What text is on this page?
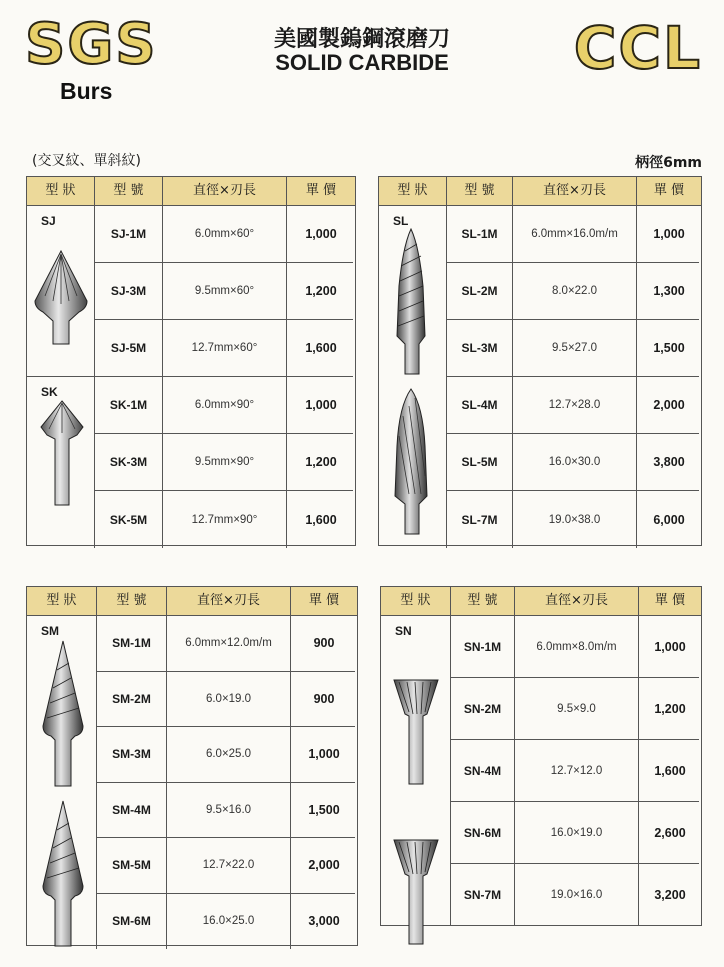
SGS
Burs
CCL
美國製鎢鋼滾磨刀
SOLID CARBIDE
(交叉紋、單斜紋)	柄徑6mm
型 狀	型 號	直徑×刃長	單 價
SJ
SJ-1M	6.0mm×60°	1,000
SJ-3M	9.5mm×60°	1,200
SJ-5M	12.7mm×60°	1,600
SK
SK-1M	6.0mm×90°	1,000
SK-3M	9.5mm×90°	1,200
SK-5M	12.7mm×90°	1,600
型 狀	型 號	直徑×刃長	單 價
SL
SL-1M	6.0mm×16.0m/m	1,000
SL-2M	8.0×22.0	1,300
SL-3M	9.5×27.0	1,500
SL-4M	12.7×28.0	2,000
SL-5M	16.0×30.0	3,800
SL-7M	19.0×38.0	6,000
型 狀	型 號	直徑×刃長	單 價
SM
SM-1M	6.0mm×12.0m/m	900
SM-2M	6.0×19.0	900
SM-3M	6.0×25.0	1,000
SM-4M	9.5×16.0	1,500
SM-5M	12.7×22.0	2,000
SM-6M	16.0×25.0	3,000
型 狀	型 號	直徑×刃長	單 價
SN
SN-1M	6.0mm×8.0m/m	1,000
SN-2M	9.5×9.0	1,200
SN-4M	12.7×12.0	1,600
SN-6M	16.0×19.0	2,600
SN-7M	19.0×16.0	3,200
